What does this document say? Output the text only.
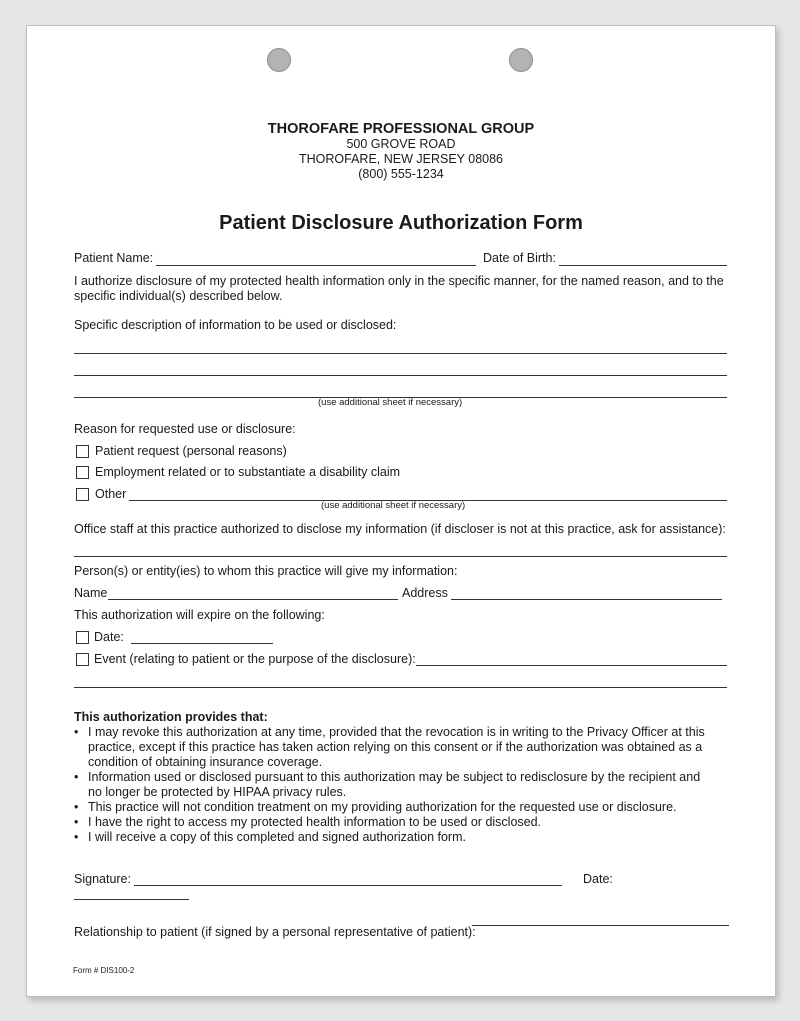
THOROFARE PROFESSIONAL GROUP
500 GROVE ROAD
THOROFARE, NEW JERSEY 08086
(800) 555-1234
Patient Disclosure Authorization Form
Patient Name:	Date of Birth:
I authorize disclosure of my protected health information only in the specific manner, for the named reason, and to the specific individual(s) described below.
Specific description of information to be used or disclosed:
(use additional sheet if necessary)
Reason for requested use or disclosure:
Patient request (personal reasons)
Employment related or to substantiate a disability claim
Other
(use additional sheet if necessary)
Office staff at this practice authorized to disclose my information (if discloser is not at this practice, ask for assistance):
Person(s) or entity(ies) to whom this practice will give my information:
Name	Address
This authorization will expire on the following:
Date:
Event (relating to patient or the purpose of the disclosure):
This authorization provides that:
• I may revoke this authorization at any time, provided that the revocation is in writing to the Privacy Officer at this practice, except if this practice has taken action relying on this consent or if the authorization was obtained as a condition of obtaining insurance coverage.
• Information used or disclosed pursuant to this authorization may be subject to redisclosure by the recipient and no longer be protected by HIPAA privacy rules.
• This practice will not condition treatment on my providing authorization for the requested use or disclosure.
• I have the right to access my protected health information to be used or disclosed.
• I will receive a copy of this completed and signed authorization form.
Signature:	Date:
Relationship to patient (if signed by a personal representative of patient):
Form # DIS100-2
